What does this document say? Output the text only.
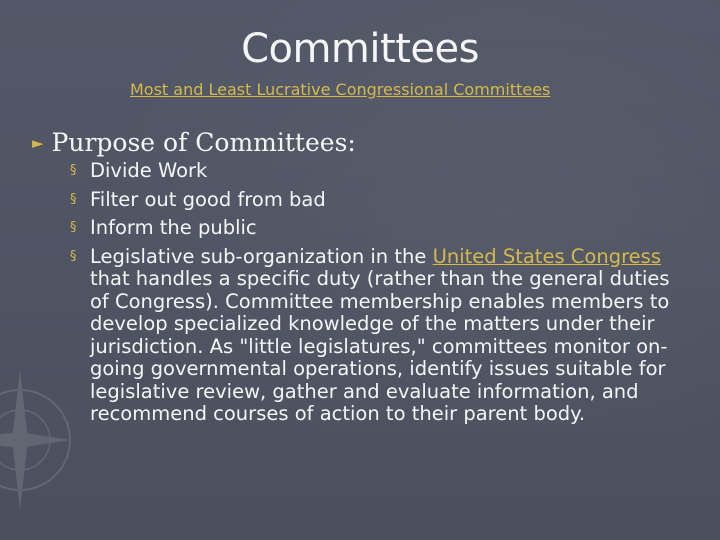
Committees
Most and Least Lucrative Congressional Committees
► Purpose of Committees:
§ Divide Work
§ Filter out good from bad
§ Inform the public
§ Legislative sub-organization in the United States Congress that handles a specific duty (rather than the general duties of Congress). Committee membership enables members to develop specialized knowledge of the matters under their jurisdiction. As "little legislatures," committees monitor on-going governmental operations, identify issues suitable for legislative review, gather and evaluate information, and recommend courses of action to their parent body.
